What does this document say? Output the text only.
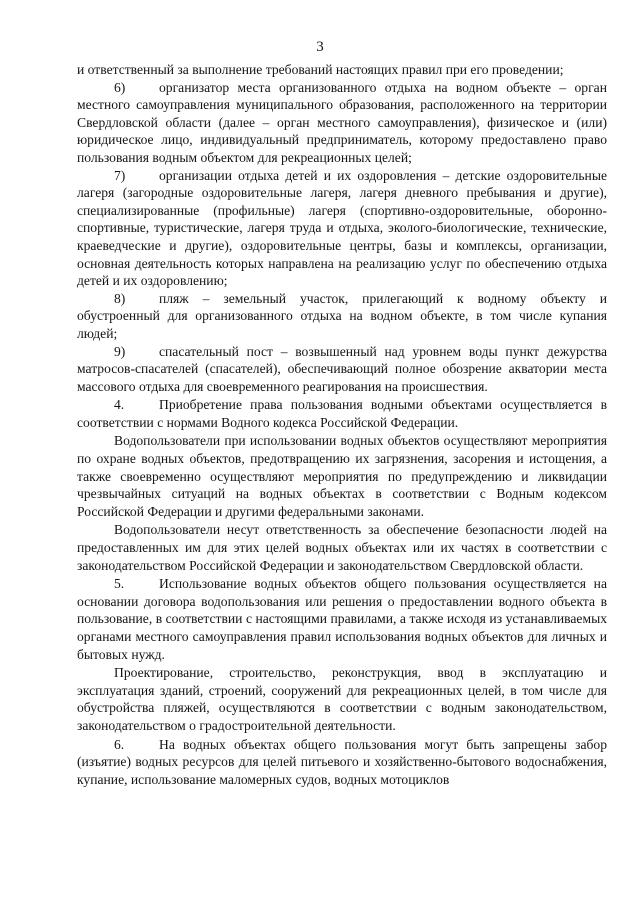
3

и ответственный за выполнение требований настоящих правил при его проведении;

6) организатор места организованного отдыха на водном объекте – орган местного самоуправления муниципального образования, расположенного на территории Свердловской области (далее – орган местного самоуправления), физическое и (или) юридическое лицо, индивидуальный предприниматель, которому предоставлено право пользования водным объектом для рекреационных целей;

7) организации отдыха детей и их оздоровления – детские оздоровительные лагеря (загородные оздоровительные лагеря, лагеря дневного пребывания и другие), специализированные (профильные) лагеря (спортивно-оздоровительные, оборонно-спортивные, туристические, лагеря труда и отдыха, эколого-биологические, технические, краеведческие и другие), оздоровительные центры, базы и комплексы, организации, основная деятельность которых направлена на реализацию услуг по обеспечению отдыха детей и их оздоровлению;

8) пляж – земельный участок, прилегающий к водному объекту и обустроенный для организованного отдыха на водном объекте, в том числе купания людей;

9) спасательный пост – возвышенный над уровнем воды пункт дежурства матросов-спасателей (спасателей), обеспечивающий полное обозрение акватории места массового отдыха для своевременного реагирования на происшествия.

4.	Приобретение права пользования водными объектами осуществляется в соответствии с нормами Водного кодекса Российской Федерации.

Водопользователи при использовании водных объектов осуществляют мероприятия по охране водных объектов, предотвращению их загрязнения, засорения и истощения, а также своевременно осуществляют мероприятия по предупреждению и ликвидации чрезвычайных ситуаций на водных объектах в соответствии с Водным кодексом Российской Федерации и другими федеральными законами.

Водопользователи несут ответственность за обеспечение безопасности людей на предоставленных им для этих целей водных объектах или их частях в соответствии с законодательством Российской Федерации и законодательством Свердловской области.

5.	Использование водных объектов общего пользования осуществляется на основании договора водопользования или решения о предоставлении водного объекта в пользование, в соответствии с настоящими правилами, а также исходя из устанавливаемых органами местного самоуправления правил использования водных объектов для личных и бытовых нужд.

Проектирование, строительство, реконструкция, ввод в эксплуатацию и эксплуатация зданий, строений, сооружений для рекреационных целей, в том числе для обустройства пляжей, осуществляются в соответствии с водным законодательством, законодательством о градостроительной деятельности.

6.	На водных объектах общего пользования могут быть запрещены забор (изъятие) водных ресурсов для целей питьевого и хозяйственно-бытового водоснабжения, купание, использование маломерных судов, водных мотоциклов
